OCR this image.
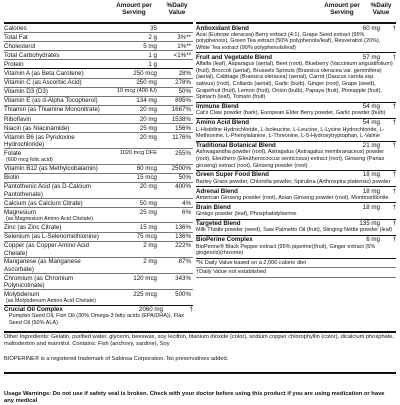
Amount per Serving
%Daily Value
Calories	35
Total Fat	2 g	3%**
Cholesterol	5 mg	1%**
Total Carbohydrates	1 g	<1%**
Protein	1 g
Vitamin A (as Beta Carotene)	250 mcg	28%
Vitamin C (as Ascorbic Acid)	250 mg	278%
Vitamin D3 (D3)	10 mcg (400 IU)	50%
Vitamin E (as d-Alpha Tocopherol)	134 mg	895%
Thiamin (as Thiamine Mononitrate)	20 mg	1667%
Riboflavin	20 mg	1538%
Niacin (as Niacinamide)	25 mg	156%
Vitamin B6 (as Pyridoxine Hydrochloride)
20 mg	1176%
Folate
(600 mcg folic acid)
1020 mcg DFE	255%
Vitamin B12 (as Methylcobalamin)	60 mcg	2500%
Biotin	15 mcg	50%
Pantothenic Acid (as D-Calcium Pantothenate)
20 mg	400%
Calcium (as Calcium Citrate)	50 mg	4%
Magnesium
(as Magnesium Amino Acid Chelate)
25 mg	6%
Zinc (as Zinc Citrate)	15 mg	136%
Selenium (as L-Selenomethionine)	75 mcg	136%
Copper (as Copper Amino Acid Chelate)
2 mg	222%
Manganese (as Manganese Ascorbate)
2 mg	87%
Chromium (as Chromium Polynicotinate)
120 mcg	343%
Molybdenum
(as Molybdenum Amino Acid Chelate)
225 mcg	500%
Crucial Oil Complex	2060 mg	†
Pumpkin Seed Oil, Fish Oil (30% Omega-3 fatty acids (EPA/DHA)), Flax Seed Oil (50% ALA)
Amount per Serving
%Daily Value
Antioxidant Blend	60 mg	†
Acai (Euterpe oleracea) Berry extract (4:1), Grape Seed extract (95% polyphenols), Green Tea extract (50% polyphenols/leaf), Resveratrol (20%), White Tea extract (90% polyphenols/leaf)
Fruit and Vegetable Blend	57 mg	†
Alfalfa (leaf), Asparagus (aerial), Beet (root), Blueberry (Vaccinium angustifolium) (fruit), Broccoli (aerial), Brussels Sprouts (Brassica oleracea var. gemmifera) (aerial), Cabbage (Brassica oleracea) (aerial), Carrot (Daucus carota ssp. sativus) (root), Collards (aerial), Garlic (bulb), Ginger (root), Grape (seed), Grapefruit (fruit), Lemon (fruit), Onion (bulb), Papaya (fruit), Pineapple (fruit), Spinach (leaf), Tomato (fruit)
Immune Blend	54 mg	†
Cat's Claw powder (bark), European Elder Berry powder, Garlic powder (bulb)
Amino Acid Blend	54 mg	†
L-Histidine Hydrochloride, L-Isoleucine, L-Leucine, L-Lysine Hydrochloride, L-Methionine, L-Phenylalanine, L-Threonine, L-5-Hydroxytryptophan, L-Valine
Traditional Botanical Blend	21 mg	†
Ashwagandha powder (root), Astragalus (Astragalus membranaceus) powder (root), Eleuthero (Eleutherococcus senticosus) extract (root), Ginseng (Panax ginseng) extract (root), Ginseng powder (root)
Green Super Food Blend	18 mg	†
Barley Grass powder, Chlorella powder, Spirulina (Arthrospira platensis) powder
Adrenal Blend	18 mg	†
American Ginseng powder (root), Asian Ginseng powder (root), Montmorillonite
Brain Blend	18 mg	†
Ginkgo powder (leaf), Phosphatidylserine
Targeted Blend	135 mg	†
Milk Thistle powder (seed), Saw Palmetto Oil (fruit), Stinging Nettle powder (leaf)
BioPerine Complex	6 mg	†
BioPerine® Black Pepper extract (95% piperine)(fruit), Ginger extract (5% gingerols)(rhizome)
*% Daily Value based on a 2,000 calorie diet
†Daily Value not established
Other Ingredients: Gelatin, purified water, glycerin, beeswax, soy lecithin, titanium dioxide (color), sodium copper chlorophyllin (color), dicalcium phosphate, maltodextrin and mannitol. Contains: Fish (anchovy, sardine), Soy
BIOPERINE® is a registered trademark of Sabinsa Corporation. No preservatives added.
Usage Warnings: Do not use if safety seal is broken. Check with your doctor before using this product if you are using medication or have any medical
